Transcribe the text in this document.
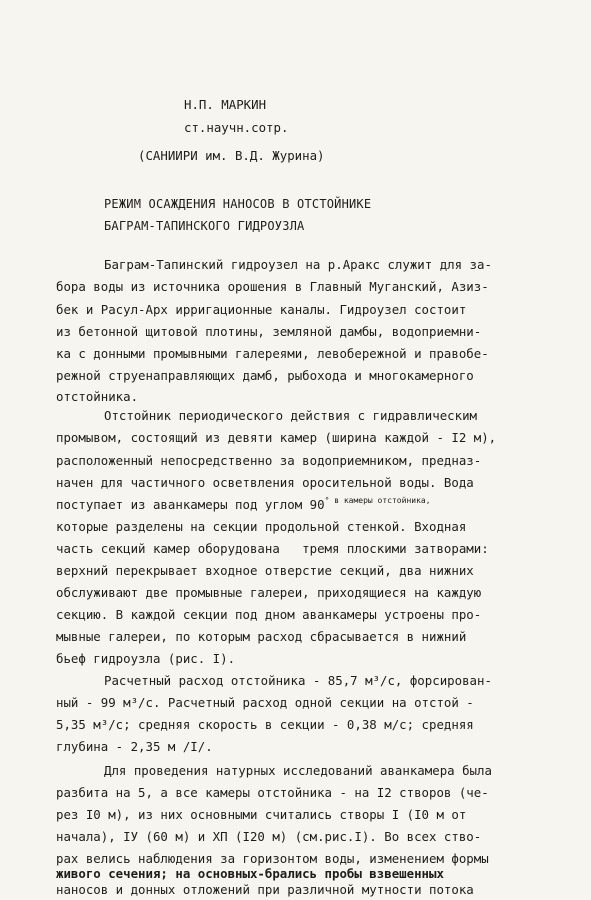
Н.П. МАРКИН
ст.научн.сотр.
(САНИИРИ им. В.Д. Журина)
РЕЖИМ ОСАЖДЕНИЯ НАНОСОВ В ОТСТОЙНИКЕ
БАГРАМ-ТАПИНСКОГО ГИДРОУЗЛА
Баграм-Тапинский гидроузел на р.Аракс служит для за-
бора воды из источника орошения в Главный Муганский, Азиз-
бек и Расул-Арх ирригационные каналы. Гидроузел состоит
из бетонной щитовой плотины, земляной дамбы, водоприемни-
ка с донными промывными галереями, левобережной и правобе-
режной струенаправляющих дамб, рыбохода и многокамерного
отстойника.
Отстойник периодического действия с гидравлическим
промывом, состоящий из девяти камер (ширина каждой - I2 м),
расположенный непосредственно за водоприемником, предназ-
начен для частичного осветвления оросительной воды. Вода
поступает из аванкамеры под углом $90^{^\circ в камеры отстойника,}$
которые разделены на секции продольной стенкой. Входная
часть секций камер оборудована   тремя плоскими затворами:
верхний перекрывает входное отверстие секций, два нижних
обслуживают две промывные галереи, приходящиеся на каждую
секцию. В каждой секции под дном аванкамеры устроены про-
мывные галереи, по которым расход сбрасывается в нижний
бьеф гидроузла (рис. I).
Расчетный расход отстойника - 85,7 м³/с, форсирован-
ный - 99 м³/с. Расчетный расход одной секции на отстой -
5,35 м³/с; средняя скорость в секции - 0,38 м/с; средняя
глубина - 2,35 м /I/.
Для проведения натурных исследований аванкамера была
разбита на 5, а все камеры отстойника - на I2 створов (че-
рез I0 м), из них основными считались створы I (I0 м от
начала), IУ (60 м) и XП (I20 м) (см.рис.I). Во всех ство-
рах велись наблюдения за горизонтом воды, изменением формы
живого сечения; на основных-брались пробы взвешенных
наносов и донных отложений при различной мутности потока
